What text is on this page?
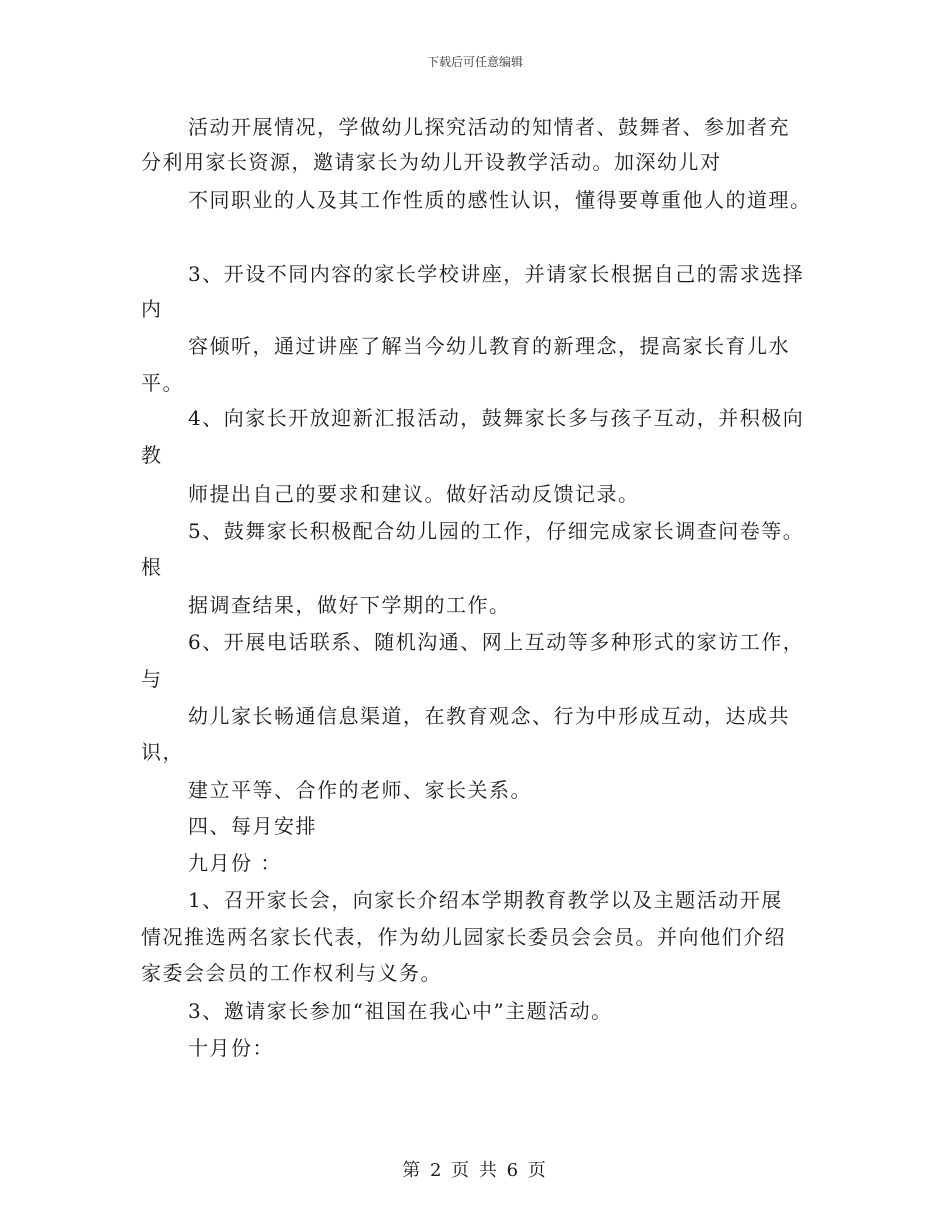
下载后可任意编辑
活动开展情况，学做幼儿探究活动的知情者、鼓舞者、参加者充
分利用家长资源，邀请家长为幼儿开设教学活动。加深幼儿对
不同职业的人及其工作性质的感性认识，懂得要尊重他人的道理。
3、开设不同内容的家长学校讲座，并请家长根据自己的需求选择
内
容倾听，通过讲座了解当今幼儿教育的新理念，提高家长育儿水
平。
4、向家长开放迎新汇报活动，鼓舞家长多与孩子互动，并积极向
教
师提出自己的要求和建议。做好活动反馈记录。
5、鼓舞家长积极配合幼儿园的工作，仔细完成家长调查问卷等。
根
据调查结果，做好下学期的工作。
6、开展电话联系、随机沟通、网上互动等多种形式的家访工作，
与
幼儿家长畅通信息渠道，在教育观念、行为中形成互动，达成共
识，
建立平等、合作的老师、家长关系。
四、每月安排
九月份 ：
1、召开家长会，向家长介绍本学期教育教学以及主题活动开展
情况推选两名家长代表，作为幼儿园家长委员会会员。并向他们介绍
家委会会员的工作权利与义务。
3、邀请家长参加“祖国在我心中”主题活动。
十月份：
第 2 页 共 6 页
